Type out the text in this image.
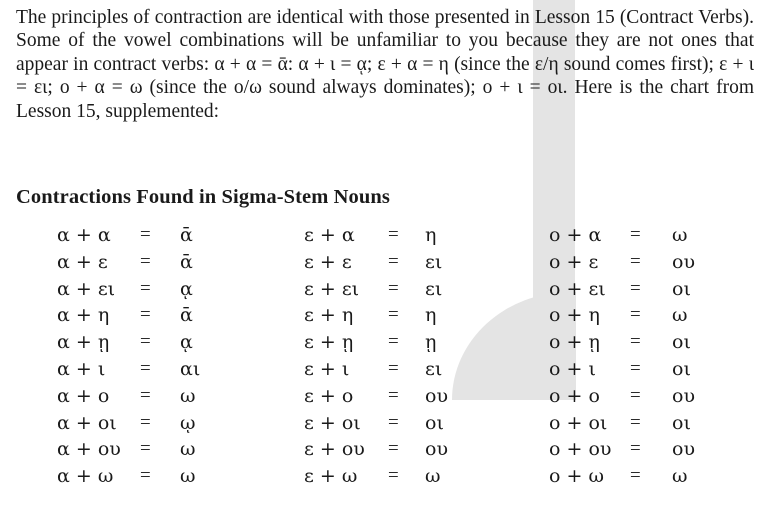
The principles of contraction are identical with those presented in Lesson 15 (Contract Verbs). Some of the vowel combinations will be unfamiliar to you because they are not ones that appear in contract verbs: α + α = ᾱ: α + ι = ᾳ; ε + α = η (since the ε/η sound comes first); ε + ι = ει; ο + α = ω (since the ο/ω sound always dominates); ο + ι = οι. Here is the chart from Lesson 15, supplemented:

Contractions Found in Sigma-Stem Nouns
α + α = ᾱ
α + ε = ᾱ
α + ει = ᾳ
α + η = ᾱ
α + ῃ = ᾳ
α + ι = αι
α + ο = ω
α + οι = ῳ
α + ου = ω
α + ω = ω
ε + α = η
ε + ε = ει
ε + ει = ει
ε + η = η
ε + ῃ = ῃ
ε + ι = ει
ε + ο = ου
ε + οι = οι
ε + ου = ου
ε + ω = ω
ο + α = ω
ο + ε = ου
ο + ει = οι
ο + η = ω
ο + ῃ = οι
ο + ι = οι
ο + ο = ου
ο + οι = οι
ο + ου = ου
ο + ω = ω
